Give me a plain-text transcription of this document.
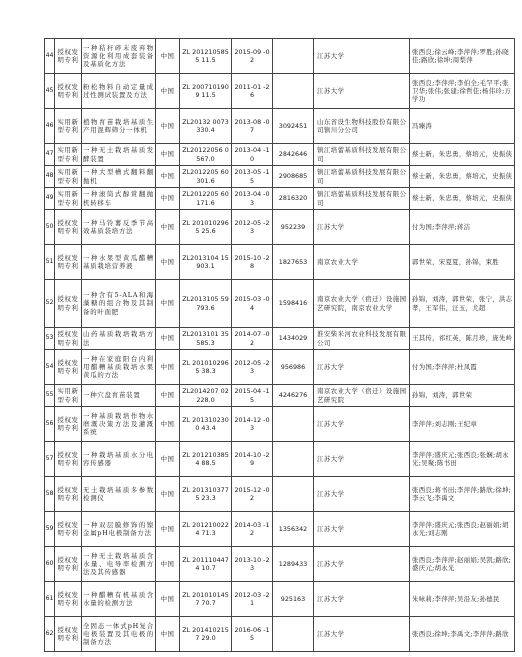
44	授权发明专利	一种秸秆碎末废弃物资源化利用成套装备及基质化方法	中国	ZL 2012105855 11.5	2015-09 -02		江苏大学	张西良;徐云峰;李萍萍;罗胜;孙晓佳;路欣;徐坤;周梨萍
45	授权发明专利	粉松物料自动定量成过性测试装置及方法	中国	ZL 2007101909 11.5	2011-01 -26		江苏大学	张西良;李萍萍;李伯全;毛罕平;张卫华;张伟;张建;徐哲佳;杨伟玲;万学功
46	实用新型专利	植物育苗栽培基质生产用混辉筛分一体机	中国	ZL20132 0073330.4	2013-08 -07	3092451	山东省设生物科技股份有限公司镇川分公司	冯臻涛
47	实用新型专利	一种无土栽培基质发酵装置	中国	ZL20122056 0567.0	2013-04 -10	2842646	镇江培蕾基质科技发展有限公司	蔡士新，朱忠勇，蔡培元，史振侠
48	实用新型专利	一种大型槽式翻料翻抛机	中国	ZL2012205 60301.6	2013-05 -15	2908685	镇江培蕾基质科技发展有限公司	蔡士新，朱忠勇，蔡培元，史振侠
49	实用新型专利	一种滚筒式醇赏翻抛机转移车	中国	ZL2012205 60171.6	2013-04 -03	2816320	镇江培蕾基质科技发展有限公司	蔡士新，朱忠勇，蔡培元，史振侠
50	授权发明专利	一种马铃薯反季节高效基质袋培方法	中国	ZL 2010102965 25.6	2012-05 -23	952239	江苏大学	付为国;李萍萍;蒋洁
51	授权发明专利	一种水果型黄瓜醋糟基质栽培营养液	中国	ZL2013104 15903.1	2015-10 -28	1827653	南京农业大学	郭世荣，宋夏夏，孙锦，束胜
52	授权发明专利	一种含有5-ALA和海藻糖的组合物及其制备的叶面肥	中国	ZL2013105 59793.6	2015-03 -04	1598416	南京农业大学（宿迁）设施园艺研究院，南京农业大学	孙锦，刘涛，郭世荣，张宁，洪志孝，王军伟，汪玉，尤超
53	授权发明专利	山药基质栽培栽培方法	中国	ZL2013101 35585.3	2014-07 -02	1434029	淮安柴米河农业科技发展有限公司	王其传，祁红英，陈月珍，庞先岭
54	授权发明专利	一种在家庭阳台内利用醋糟基质栽培水果黄瓜的方法	中国	ZL 2010102965 38.3	2012-05 -23	956986	江苏大学	付为国;李萍萍;杜凤霞
55	实用新型专利	一种穴盘育苗装置	中国	ZL2014207 02228.0	2015-04 -15	4246276	南京农业大学（宿迁）设施园艺研究院	孙锦，刘涛，郭世荣
56	授权发明专利	一种基质栽培作物水磨溉决策方法及灌溉系统	中国	ZL 2013102300 43.4	2014-12 -03		江苏大学	李萍萍;刘志刚;王纪章
57	授权发明专利	一种栽培基质水分电容传感器	中国	ZL 2012103854 88.5	2014-10 -29		江苏大学	李萍萍;盛庆元;张西良;张娴;胡永光;吴聚;陈书田
58	授权发明专利	无土栽培基质多参数检测仪	中国	ZL 2013103775 23.3	2015-12 -02		江苏大学	张西良;蒋书田;李萍萍;路欣;徐坤;李云飞;李禹文
59	授权发明专利	一种双层膜修饰的镍金属pH电极制备方法	中国	ZL 2012100224 71.3	2014-03 -12	1356342	江苏大学	李萍萍;盛庆元;张西良;赵丽娟;胡永光;刘志刚
60	授权发明专利	一种无土栽培基质含水量、电导率检测方法及其传感器	中国	ZL 2011104474 10.7	2013-10 -23	1289433	江苏大学	张西良;李萍萍;赵丽娟;吴凯;路欣;盛庆元;胡永光
61	授权发明专利	一种醋糟有机基质含水量的检测方法	中国	ZL 2010101457 70.7	2012-03 -21	925163	江苏大学	朱咏莉;李萍萍;吴沿友;孙德民
62	授权发明专利	全固态一体式pH复合电极装置及其电极的制备方法	中国	ZL 2014102157 29.0	2016-06 -15		江苏大学	张西良;徐坤;李禹文;李萍萍;路欣
